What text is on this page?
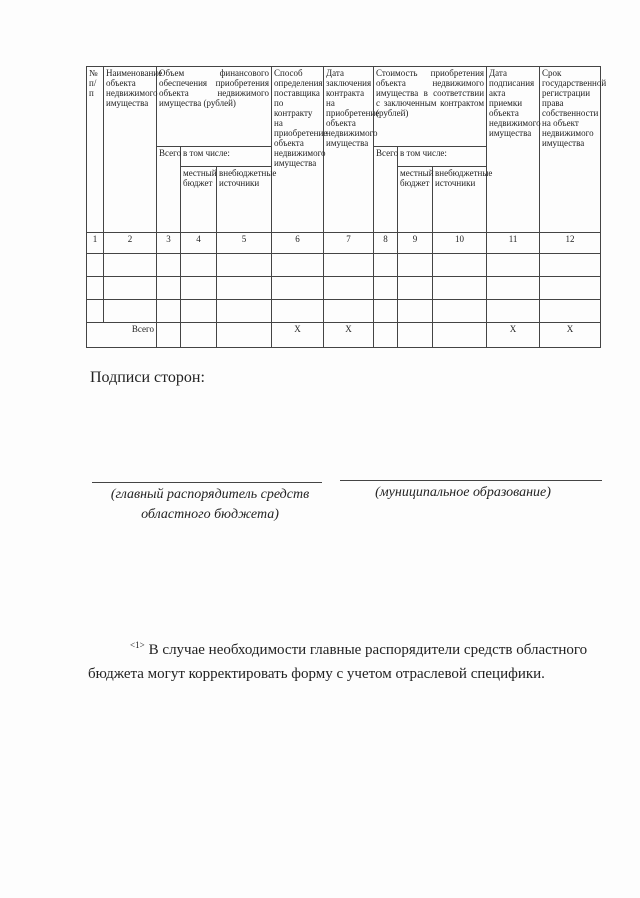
№ п/п	Наименование объекта недвижимого имущества	Объем финансового обеспечения приобретения объекта недвижимого имущества (рублей)			Способ определения поставщика по контракту на приобретение объекта недвижимого имущества	Дата заключения контракта на приобретение объекта недвижимого имущества	Стоимость приобретения объекта недвижимого имущества в соответствии с заключенным контрактом (рублей)			Дата подписания акта приемки объекта недвижимого имущества	Срок государственной регистрации права собственности на объект недвижимого имущества
		Всего	в том числе:				Всего	в том числе:			
			местный бюджет	внебюджетные источники				местный бюджет	внебюджетные источники		
1	2	3	4	5	6	7	8	9	10	11	12

Всего					X	X				X	X
Подписи сторон:
(главный распорядитель средств
областного бюджета)
(муниципальное образование)
$^{<1>}$ В случае необходимости главные распорядители средств областного бюджета могут корректировать форму с учетом отраслевой специфики.
